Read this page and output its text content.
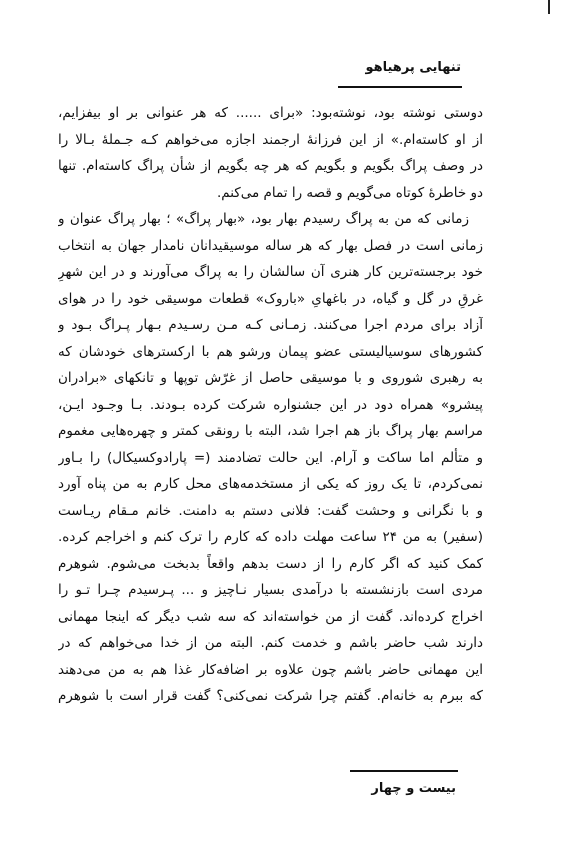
تنهایی پرهیاهو
دوستی نوشته بود، نوشته‌بود: «برای ...... که هر عنوانی بر او بیفزایم،
از او کاسته‌ام.» از این فرزانهٔ ارجمند اجازه می‌خواهم کـه جـملهٔ بـالا را
در وصف پراگ بگویم و بگویم که هر چه بگویم از شأن پراگ کاسته‌ام. تنها
دو خاطرهٔ کوتاه می‌گویم و قصه را تمام می‌کنم.
زمانی که من به پراگ رسیدم بهار بود، «بهار پراگ» ؛ بهار پراگ عنوان و
زمانی است در فصل بهار که هر ساله موسیقیدانان نامدار جهان به انتخاب
خود برجسته‌ترین کار هنری آن سالشان را به پراگ می‌آورند و در این شهرِ
غرقِ در گل و گیاه، در باغهایِ «باروک» قطعات موسیقی خود را در هوای
آزاد برای مردم اجرا می‌کنند. زمـانی کـه مـن رسـیدم بـهار پـراگ بـود و
کشورهای سوسیالیستی عضو پیمان ورشو هم با ارکسترهای خودشان که
به رهبری شوروی و با موسیقی حاصل از غرّش توپها و تانکهای «برادران
پیشرو» همراه دود در این جشنواره شرکت کرده بـودند. بـا وجـود ایـن،
مراسم بهار پراگ باز هم اجرا شد، البته با رونقی کمتر و چهره‌هایی مغموم
و متألم اما ساکت و آرام. این حالت تضادمند (= پارادوکسیکال) را بـاور
نمی‌کردم، تا یک روز که یکی از مستخدمه‌های محل کارم به من پناه آورد
و با نگرانی و وحشت گفت: فلانی دستم به دامنت. خانم مـقام ریـاست
(سفیر) به من ۲۴ ساعت مهلت داده که کارم را ترک کنم و اخراجم کرده.
کمک کنید که اگر کارم را از دست بدهم واقعاً بدبخت می‌شوم. شوهرم
مردی است بازنشسته با درآمدی بسیار نـاچیز و ... پـرسیدم چـرا تـو را
اخراج کرده‌اند. گفت از من خواسته‌اند که سه شب دیگر که اینجا مهمانی
دارند شب حاضر باشم و خدمت کنم. البته من از خدا می‌خواهم که در
این مهمانی حاضر باشم چون علاوه بر اضافه‌کار غذا هم به من می‌دهند
که ببرم به خانه‌ام. گفتم چرا شرکت نمی‌کنی؟ گفت قرار است با شوهرم
بیست و چهار
